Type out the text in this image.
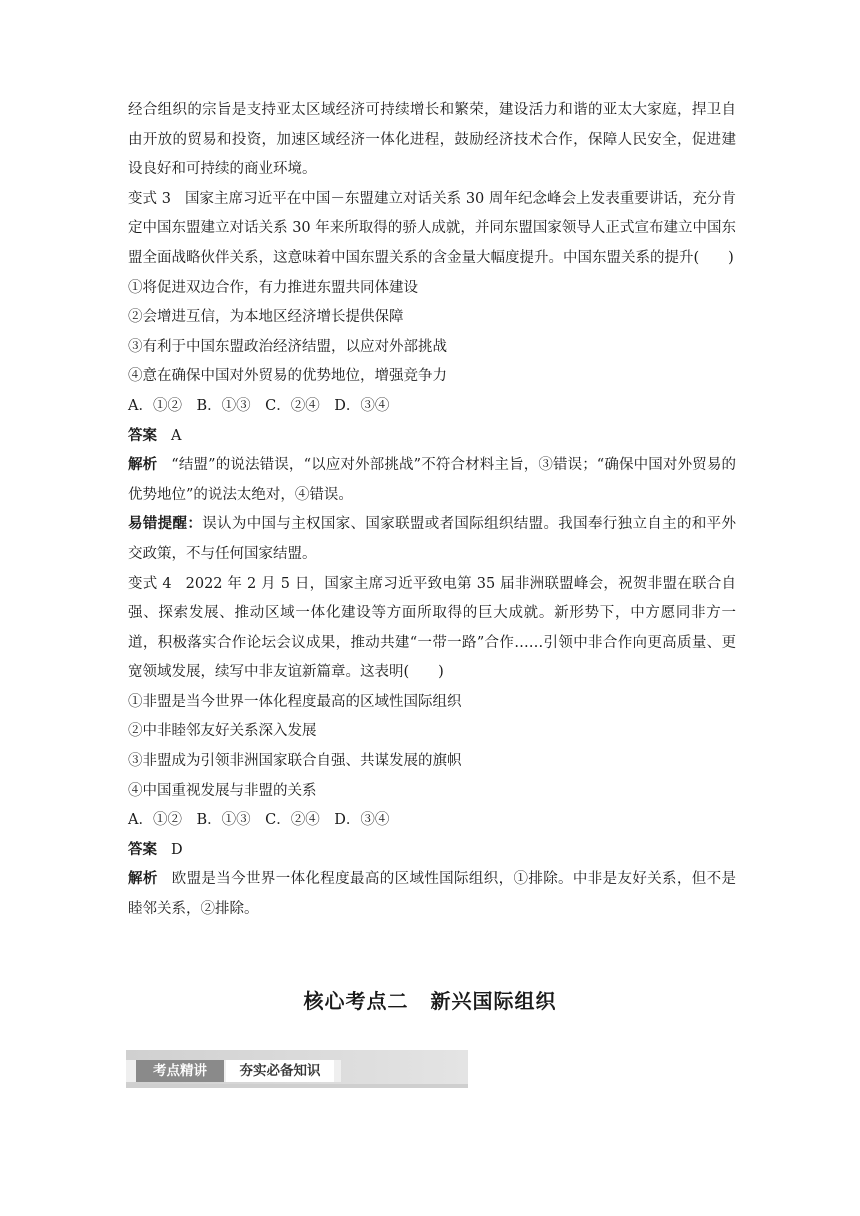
经合组织的宗旨是支持亚太区域经济可持续增长和繁荣，建设活力和谐的亚太大家庭，捍卫自由开放的贸易和投资，加速区域经济一体化进程，鼓励经济技术合作，保障人民安全，促进建设良好和可持续的商业环境。

变式 3 国家主席习近平在中国－东盟建立对话关系 30 周年纪念峰会上发表重要讲话，充分肯定中国东盟建立对话关系 30 年来所取得的骄人成就，并同东盟国家领导人正式宣布建立中国东盟全面战略伙伴关系，这意味着中国东盟关系的含金量大幅度提升。中国东盟关系的提升(　　)

①将促进双边合作，有力推进东盟共同体建设

②会增进互信，为本地区经济增长提供保障

③有利于中国东盟政治经济结盟，以应对外部挑战

④意在确保中国对外贸易的优势地位，增强竞争力

A．①②　B．①③　C．②④　D．③④

答案 A

解析 “结盟”的说法错误，“以应对外部挑战”不符合材料主旨，③错误；“确保中国对外贸易的优势地位”的说法太绝对，④错误。

易错提醒：误认为中国与主权国家、国家联盟或者国际组织结盟。我国奉行独立自主的和平外交政策，不与任何国家结盟。

变式 4 2022 年 2 月 5 日，国家主席习近平致电第 35 届非洲联盟峰会，祝贺非盟在联合自强、探索发展、推动区域一体化建设等方面所取得的巨大成就。新形势下，中方愿同非方一道，积极落实合作论坛会议成果，推动共建“一带一路”合作……引领中非合作向更高质量、更宽领域发展，续写中非友谊新篇章。这表明(　　)

①非盟是当今世界一体化程度最高的区域性国际组织

②中非睦邻友好关系深入发展

③非盟成为引领非洲国家联合自强、共谋发展的旗帜

④中国重视发展与非盟的关系

A．①②　B．①③　C．②④　D．③④

答案 D

解析 欧盟是当今世界一体化程度最高的区域性国际组织，①排除。中非是友好关系，但不是睦邻关系，②排除。

核心考点二 新兴国际组织
考点精讲	夯实必备知识
